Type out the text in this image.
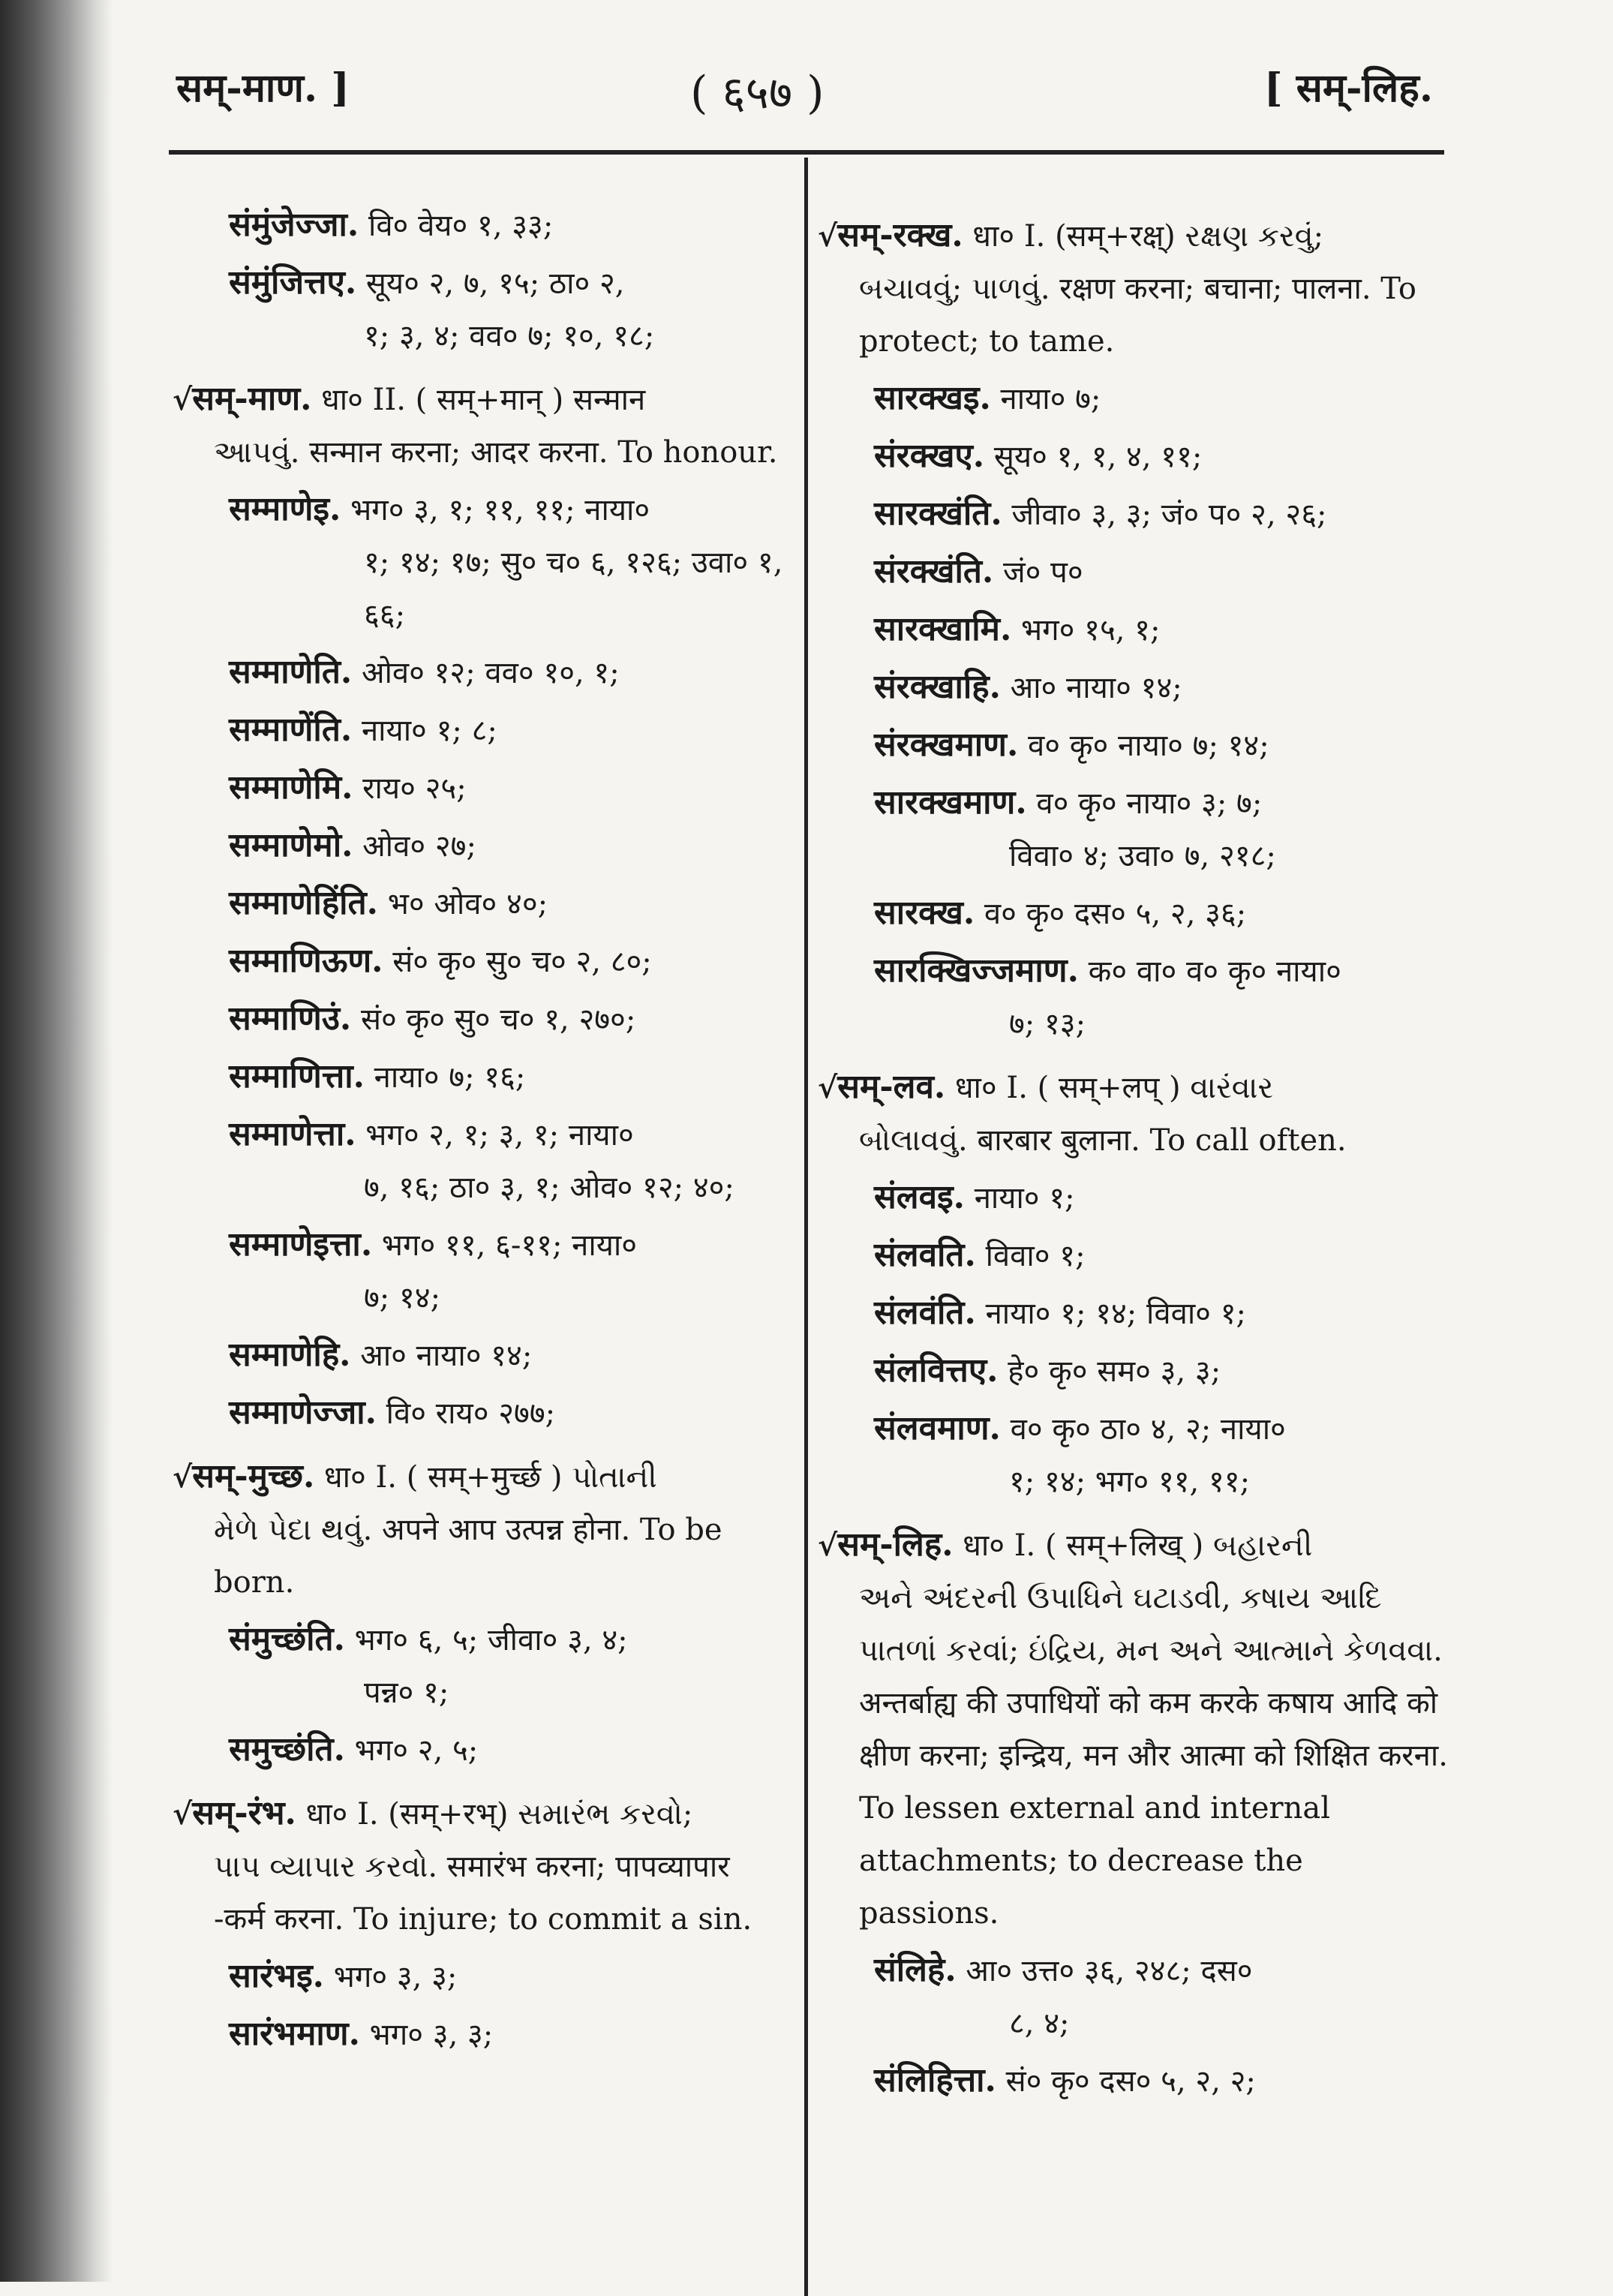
सम्-माण. ]	( ६५७ )	[ सम्-लिह.
संमुंजेज्जा. वि० वेय० १, ३३;
संमुंजित्तए. सूय० २, ७, १५; ठा० २,
१; ३, ४; वव० ७; १०, १८;
√सम्-माण. धा० II. ( सम्+मान् ) सन्मान
આપવું. सन्मान करना; आदर करना. To honour.
सम्माणेइ. भग० ३, १; ११, ११; नाया०
१; १४; १७; सु० च० ६, १२६; उवा० १, ६६;
सम्माणेति. ओव० १२; वव० १०, १;
सम्माणेंति. नाया० १; ८;
सम्माणेमि. राय० २५;
सम्माणेमो. ओव० २७;
सम्माणेहिंति. भ० ओव० ४०;
सम्माणिऊण. सं० कृ० सु० च० २, ८०;
सम्माणिउं. सं० कृ० सु० च० १, २७०;
सम्माणित्ता. नाया० ७; १६;
सम्माणेत्ता. भग० २, १; ३, १; नाया०
७, १६; ठा० ३, १; ओव० १२; ४०;
सम्माणेइत्ता. भग० ११, ६-११; नाया०
७; १४;
सम्माणेहि. आ० नाया० १४;
सम्माणेज्जा. वि० राय० २७७;
√सम्-मुच्छ. धा० I. ( सम्+मुर्च्छ ) પોતાની
મેળે પેદા થવું. अपने आप उत्पन्न होना. To be born.
संमुच्छंति. भग० ६, ५; जीवा० ३, ४;
पन्न० १;
समुच्छंति. भग० २, ५;
√सम्-रंभ. धा० I. (सम्+रभ्) સમારંભ કરવો;
પાપ વ્યાપાર કરવો. समारंभ करना; पापव्यापार -कर्म करना. To injure; to commit a sin.
सारंभइ. भग० ३, ३;
सारंभमाण. भग० ३, ३;
√सम्-रक्ख. धा० I. (सम्+रक्ष्) રક્ષણ કરવું;
બચાવવું; પાળવું. रक्षण करना; बचाना; पालना. To protect; to tame.
सारक्खइ. नाया० ७;
संरक्खए. सूय० १, १, ४, ११;
सारक्खंति. जीवा० ३, ३; जं० प० २, २६;
संरक्खंति. जं० प०
सारक्खामि. भग० १५, १;
संरक्खाहि. आ० नाया० १४;
संरक्खमाण. व० कृ० नाया० ७; १४;
सारक्खमाण. व० कृ० नाया० ३; ७;
विवा० ४; उवा० ७, २१८;
सारक्ख. व० कृ० दस० ५, २, ३६;
सारक्खिज्जमाण. क० वा० व० कृ० नाया०
७; १३;
√सम्-लव. धा० I. ( सम्+लप् ) વારંવાર
બોલાવવું. बारबार बुलाना. To call often.
संलवइ. नाया० १;
संलवति. विवा० १;
संलवंति. नाया० १; १४; विवा० १;
संलवित्तए. हे० कृ० सम० ३, ३;
संलवमाण. व० कृ० ठा० ४, २; नाया०
१; १४; भग० ११, ११;
√सम्-लिह. धा० I. ( सम्+लिख् ) બહારની
અને અંદરની ઉપાધિને ઘટાડવી, કષાય આદિ પાતળાં કરવાં; ઇંદ્રિય, મન અને આત્માને કેળવવા. अन्तर्बाह्य की उपाधियों को कम करके कषाय आदि को क्षीण करना; इन्द्रिय, मन और आत्मा को शिक्षित करना. To lessen external and internal attachments; to decrease the passions.
संलिहे. आ० उत्त० ३६, २४८; दस०
८, ४;
संलिहित्ता. सं० कृ० दस० ५, २, २;
